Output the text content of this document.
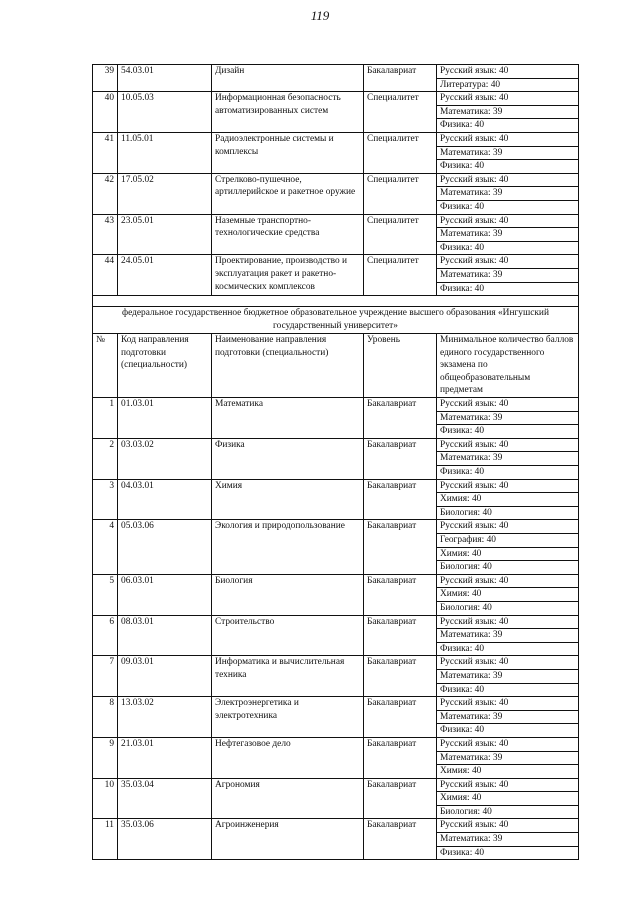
119
39	54.03.01	Дизайн	Бакалавриат	Русский язык: 40
				Литература: 40
40	10.05.03	Информационная безопасность автоматизированных систем	Специалитет	Русский язык: 40
				Математика: 39
				Физика: 40
41	11.05.01	Радиоэлектронные системы и комплексы	Специалитет	Русский язык: 40
				Математика: 39
				Физика: 40
42	17.05.02	Стрелково-пушечное, артиллерийское и ракетное оружие	Специалитет	Русский язык: 40
				Математика: 39
				Физика: 40
43	23.05.01	Наземные транспортно-технологические средства	Специалитет	Русский язык: 40
				Математика: 39
				Физика: 40
44	24.05.01	Проектирование, производство и эксплуатация ракет и ракетно-космических комплексов	Специалитет	Русский язык: 40
				Математика: 39
				Физика: 40

федеральное государственное бюджетное образовательное учреждение высшего образования «Ингушский государственный университет»				
№	Код направления подготовки (специальности)	Наименование направления подготовки (специальности)	Уровень	Минимальное количество баллов единого государственного экзамена по общеобразовательным предметам
1	01.03.01	Математика	Бакалавриат	Русский язык: 40
				Математика: 39
				Физика: 40
2	03.03.02	Физика	Бакалавриат	Русский язык: 40
				Математика: 39
				Физика: 40
3	04.03.01	Химия	Бакалавриат	Русский язык: 40
				Химия: 40
				Биология: 40
4	05.03.06	Экология и природопользование	Бакалавриат	Русский язык: 40
				География: 40
				Химия: 40
				Биология: 40
5	06.03.01	Биология	Бакалавриат	Русский язык: 40
				Химия: 40
				Биология: 40
6	08.03.01	Строительство	Бакалавриат	Русский язык: 40
				Математика: 39
				Физика: 40
7	09.03.01	Информатика и вычислительная техника	Бакалавриат	Русский язык: 40
				Математика: 39
				Физика: 40
8	13.03.02	Электроэнергетика и электротехника	Бакалавриат	Русский язык: 40
				Математика: 39
				Физика: 40
9	21.03.01	Нефтегазовое дело	Бакалавриат	Русский язык: 40
				Математика: 39
				Химия: 40
10	35.03.04	Агрономия	Бакалавриат	Русский язык: 40
				Химия: 40
				Биология: 40
11	35.03.06	Агроинженерия	Бакалавриат	Русский язык: 40
				Математика: 39
				Физика: 40
